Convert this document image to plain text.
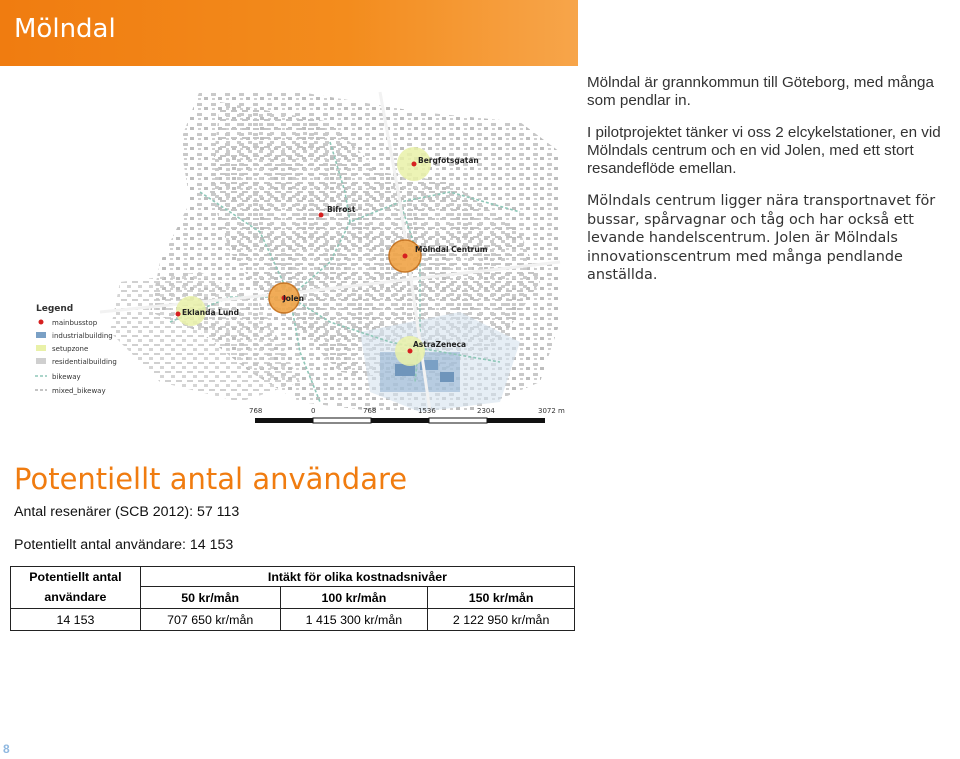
Mölndal
Bergfotsgatan
Bifrost
Mölndal Centrum
Jolen
Eklanda Lund
AstraZeneca
Legend
mainbusstop
industrialbuilding
setupzone
residentialbuilding
bikeway
mixed_bikeway
768	0	768	1536	2304	3072 m

Mölndal är grannkommun till Göteborg, med många som pendlar in.

I pilotprojektet tänker vi oss 2 elcykelstationer, en vid Mölndals centrum och en vid Jolen, med ett stort resandeflöde emellan.

Mölndals centrum ligger nära transportnavet för bussar, spårvagnar och tåg och har också ett levande handelscentrum. Jolen är Mölndals innovationscentrum med många pendlande anställda.

Potentiellt antal användare
Antal resenärer (SCB 2012): 57 113
Potentiellt antal användare: 14 153
Potentiellt antal	Intäkt för olika kostnadsnivåer		
användare	50 kr/mån	100 kr/mån	150 kr/mån
14 153	707 650 kr/mån	1 415 300 kr/mån	2 122 950 kr/mån
8
